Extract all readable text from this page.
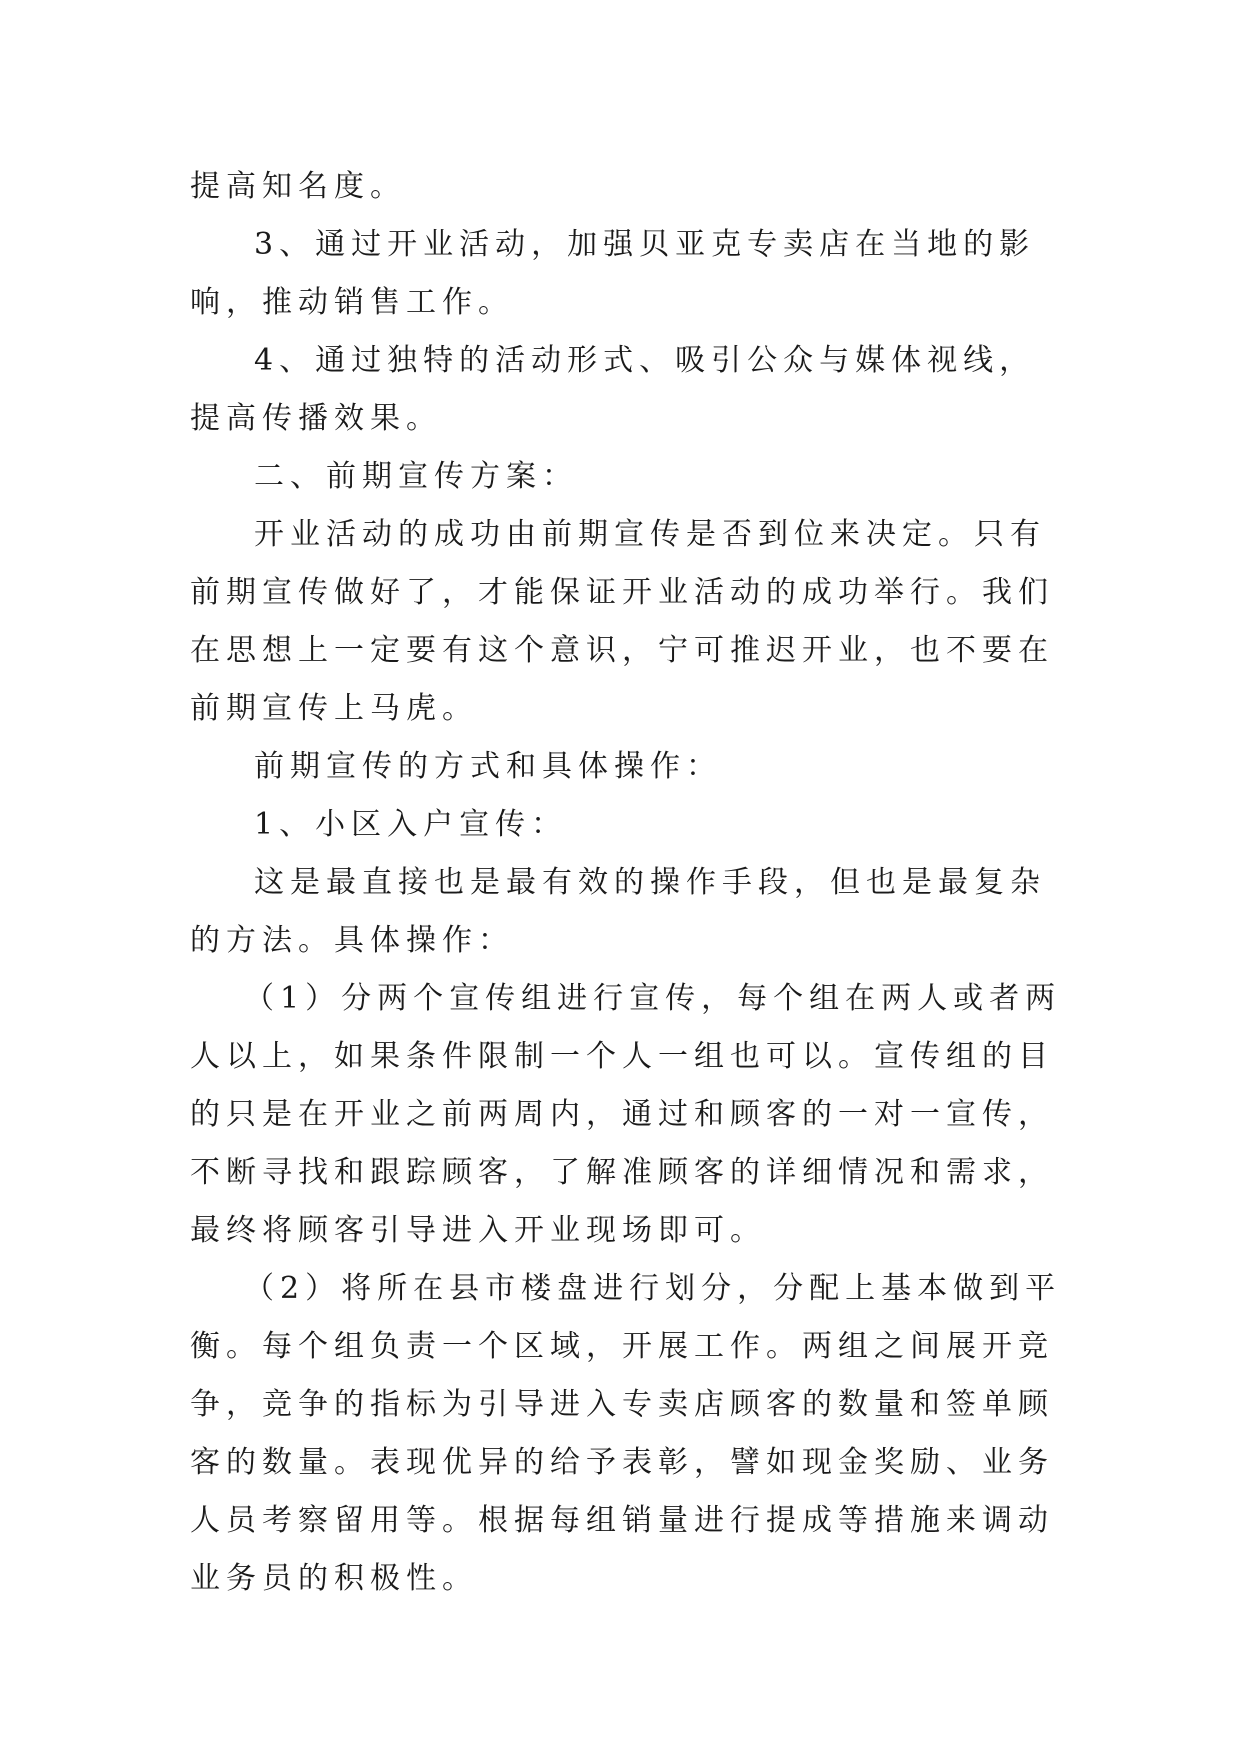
提高知名度。

3、通过开业活动，加强贝亚克专卖店在当地的影响，推动销售工作。

4、通过独特的活动形式、吸引公众与媒体视线，提高传播效果。

二、前期宣传方案：

开业活动的成功由前期宣传是否到位来决定。只有前期宣传做好了，才能保证开业活动的成功举行。我们在思想上一定要有这个意识，宁可推迟开业，也不要在前期宣传上马虎。

前期宣传的方式和具体操作：

1、小区入户宣传：

这是最直接也是最有效的操作手段，但也是最复杂的方法。具体操作：

（1）分两个宣传组进行宣传，每个组在两人或者两人以上，如果条件限制一个人一组也可以。宣传组的目的只是在开业之前两周内，通过和顾客的一对一宣传，不断寻找和跟踪顾客，了解准顾客的详细情况和需求，最终将顾客引导进入开业现场即可。

（2）将所在县市楼盘进行划分，分配上基本做到平衡。每个组负责一个区域，开展工作。两组之间展开竞争，竞争的指标为引导进入专卖店顾客的数量和签单顾客的数量。表现优异的给予表彰，譬如现金奖励、业务人员考察留用等。根据每组销量进行提成等措施来调动业务员的积极性。
